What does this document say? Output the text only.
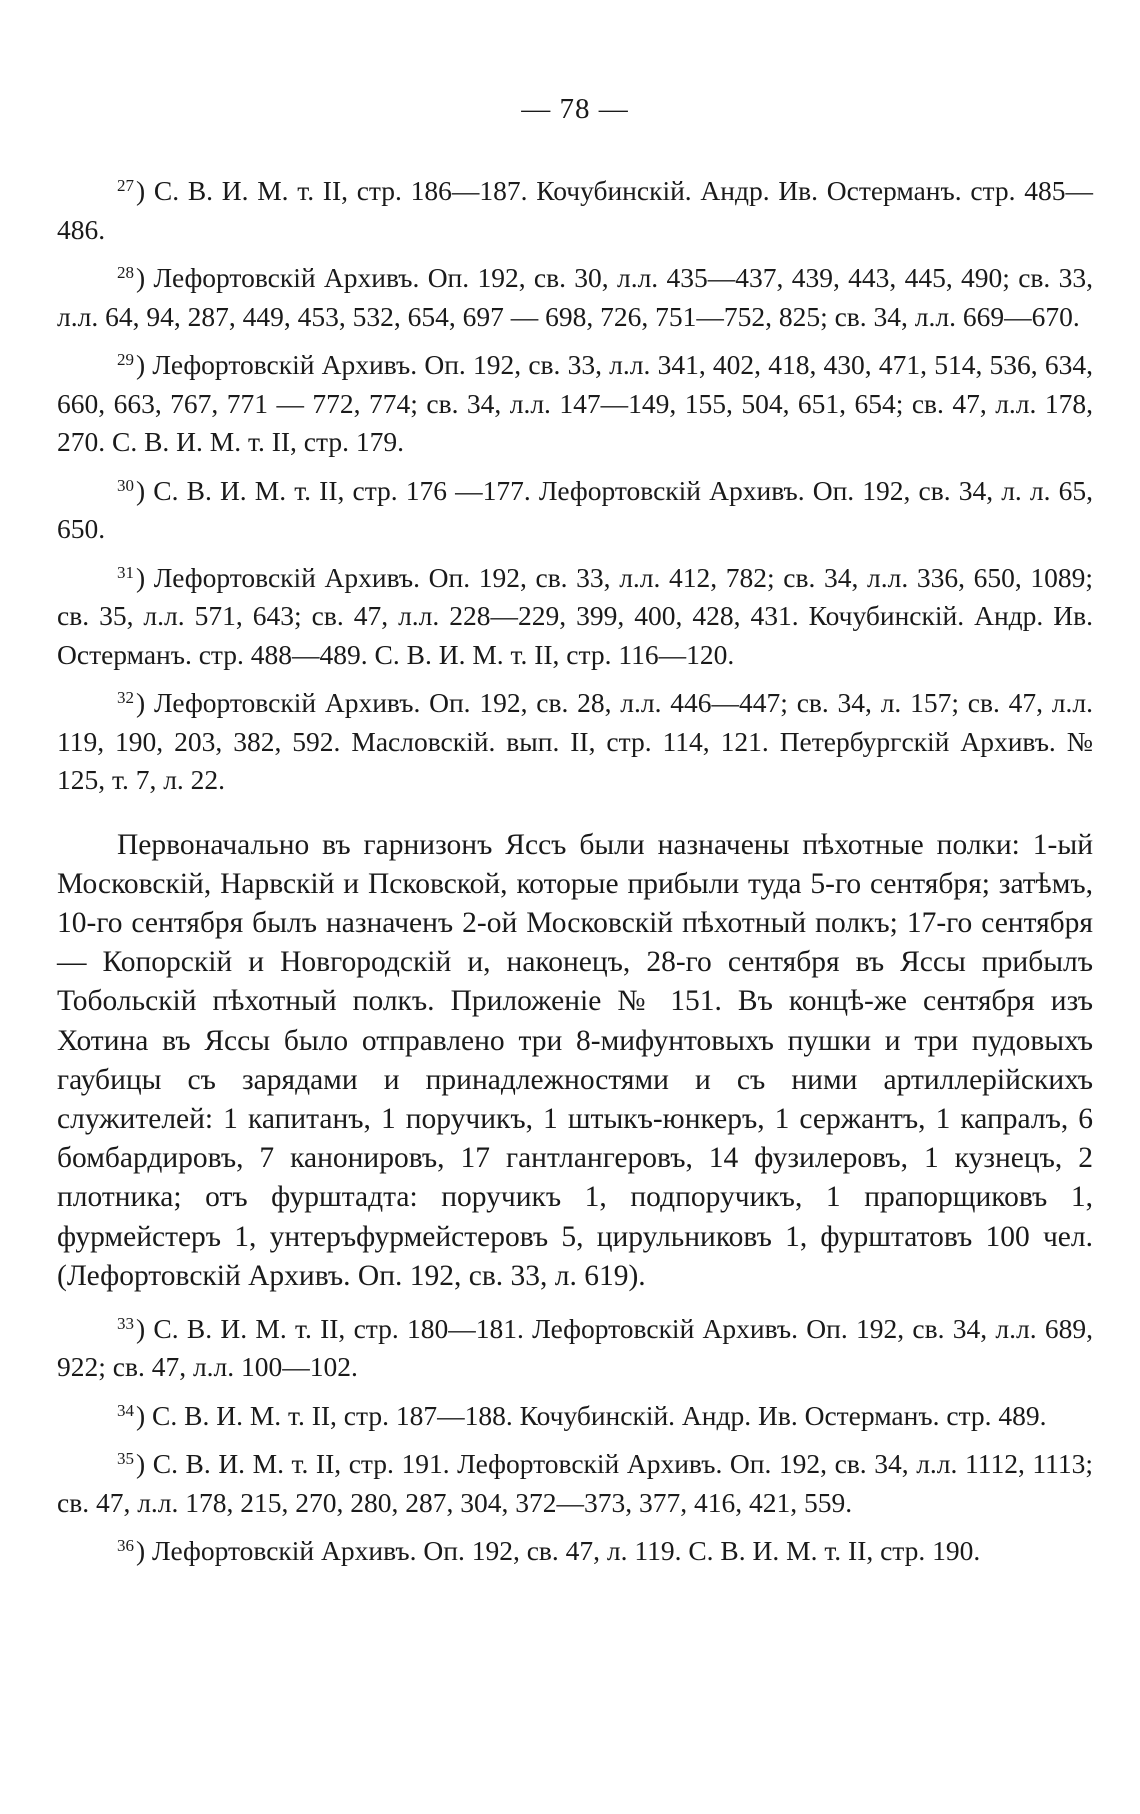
— 78 —

$^{27}$) С. В. И. М. т. II, стр. 186—187. Кочубинскій. Андр. Ив. Остерманъ. стр. 485—486.

$^{28}$) Лефортовскій Архивъ. Оп. 192, св. 30, л.л. 435—437, 439, 443, 445, 490; св. 33, л.л. 64, 94, 287, 449, 453, 532, 654, 697 — 698, 726, 751—752, 825; св. 34, л.л. 669—670.

$^{29}$) Лефортовскій Архивъ. Оп. 192, св. 33, л.л. 341, 402, 418, 430, 471, 514, 536, 634, 660, 663, 767, 771 — 772, 774; св. 34, л.л. 147—149, 155, 504, 651, 654; св. 47, л.л. 178, 270. С. В. И. М. т. II, стр. 179.

$^{30}$) С. В. И. М. т. II, стр. 176 —177. Лефортовскій Архивъ. Оп. 192, св. 34, л. л. 65, 650.

$^{31}$) Лефортовскій Архивъ. Оп. 192, св. 33, л.л. 412, 782; св. 34, л.л. 336, 650, 1089; св. 35, л.л. 571, 643; св. 47, л.л. 228—229, 399, 400, 428, 431. Кочубинскій. Андр. Ив. Остерманъ. стр. 488—489. С. В. И. М. т. II, стр. 116—120.

$^{32}$) Лефортовскій Архивъ. Оп. 192, св. 28, л.л. 446—447; св. 34, л. 157; св. 47, л.л. 119, 190, 203, 382, 592. Масловскій. вып. II, стр. 114, 121. Петербургскій Архивъ. № 125, т. 7, л. 22.

Первоначально въ гарнизонъ Яссъ были назначены пѣхотные полки: 1-ый Московскій, Нарвскій и Псковской, которые прибыли туда 5-го сентября; затѣмъ, 10-го сентября былъ назначенъ 2-ой Московскій пѣхотный полкъ; 17-го сентября — Копорскій и Новгородскій и, наконецъ, 28-го сентября въ Яссы прибылъ Тобольскій пѣхотный полкъ. Приложеніе № 151. Въ концѣ-же сентября изъ Хотина въ Яссы было отправлено три 8-мифунтовыхъ пушки и три пудовыхъ гаубицы съ зарядами и принадлежностями и съ ними артиллерійскихъ служителей: 1 капитанъ, 1 поручикъ, 1 штыкъ-юнкеръ, 1 сержантъ, 1 капралъ, 6 бомбардировъ, 7 канонировъ, 17 гантлангеровъ, 14 фузилеровъ, 1 кузнецъ, 2 плотника; отъ фурштадта: поручикъ 1, подпоручикъ, 1 прапорщиковъ 1, фурмейстеръ 1, унтеръфурмейстеровъ 5, цирульниковъ 1, фурштатовъ 100 чел. (Лефортовскій Архивъ. Оп. 192, св. 33, л. 619).

$^{33}$) С. В. И. М. т. II, стр. 180—181. Лефортовскій Архивъ. Оп. 192, св. 34, л.л. 689, 922; св. 47, л.л. 100—102.

$^{34}$) С. В. И. М. т. II, стр. 187—188. Кочубинскій. Андр. Ив. Остерманъ. стр. 489.

$^{35}$) С. В. И. М. т. II, стр. 191. Лефортовскій Архивъ. Оп. 192, св. 34, л.л. 1112, 1113; св. 47, л.л. 178, 215, 270, 280, 287, 304, 372—373, 377, 416, 421, 559.

$^{36}$) Лефортовскій Архивъ. Оп. 192, св. 47, л. 119. С. В. И. М. т. II, стр. 190.
